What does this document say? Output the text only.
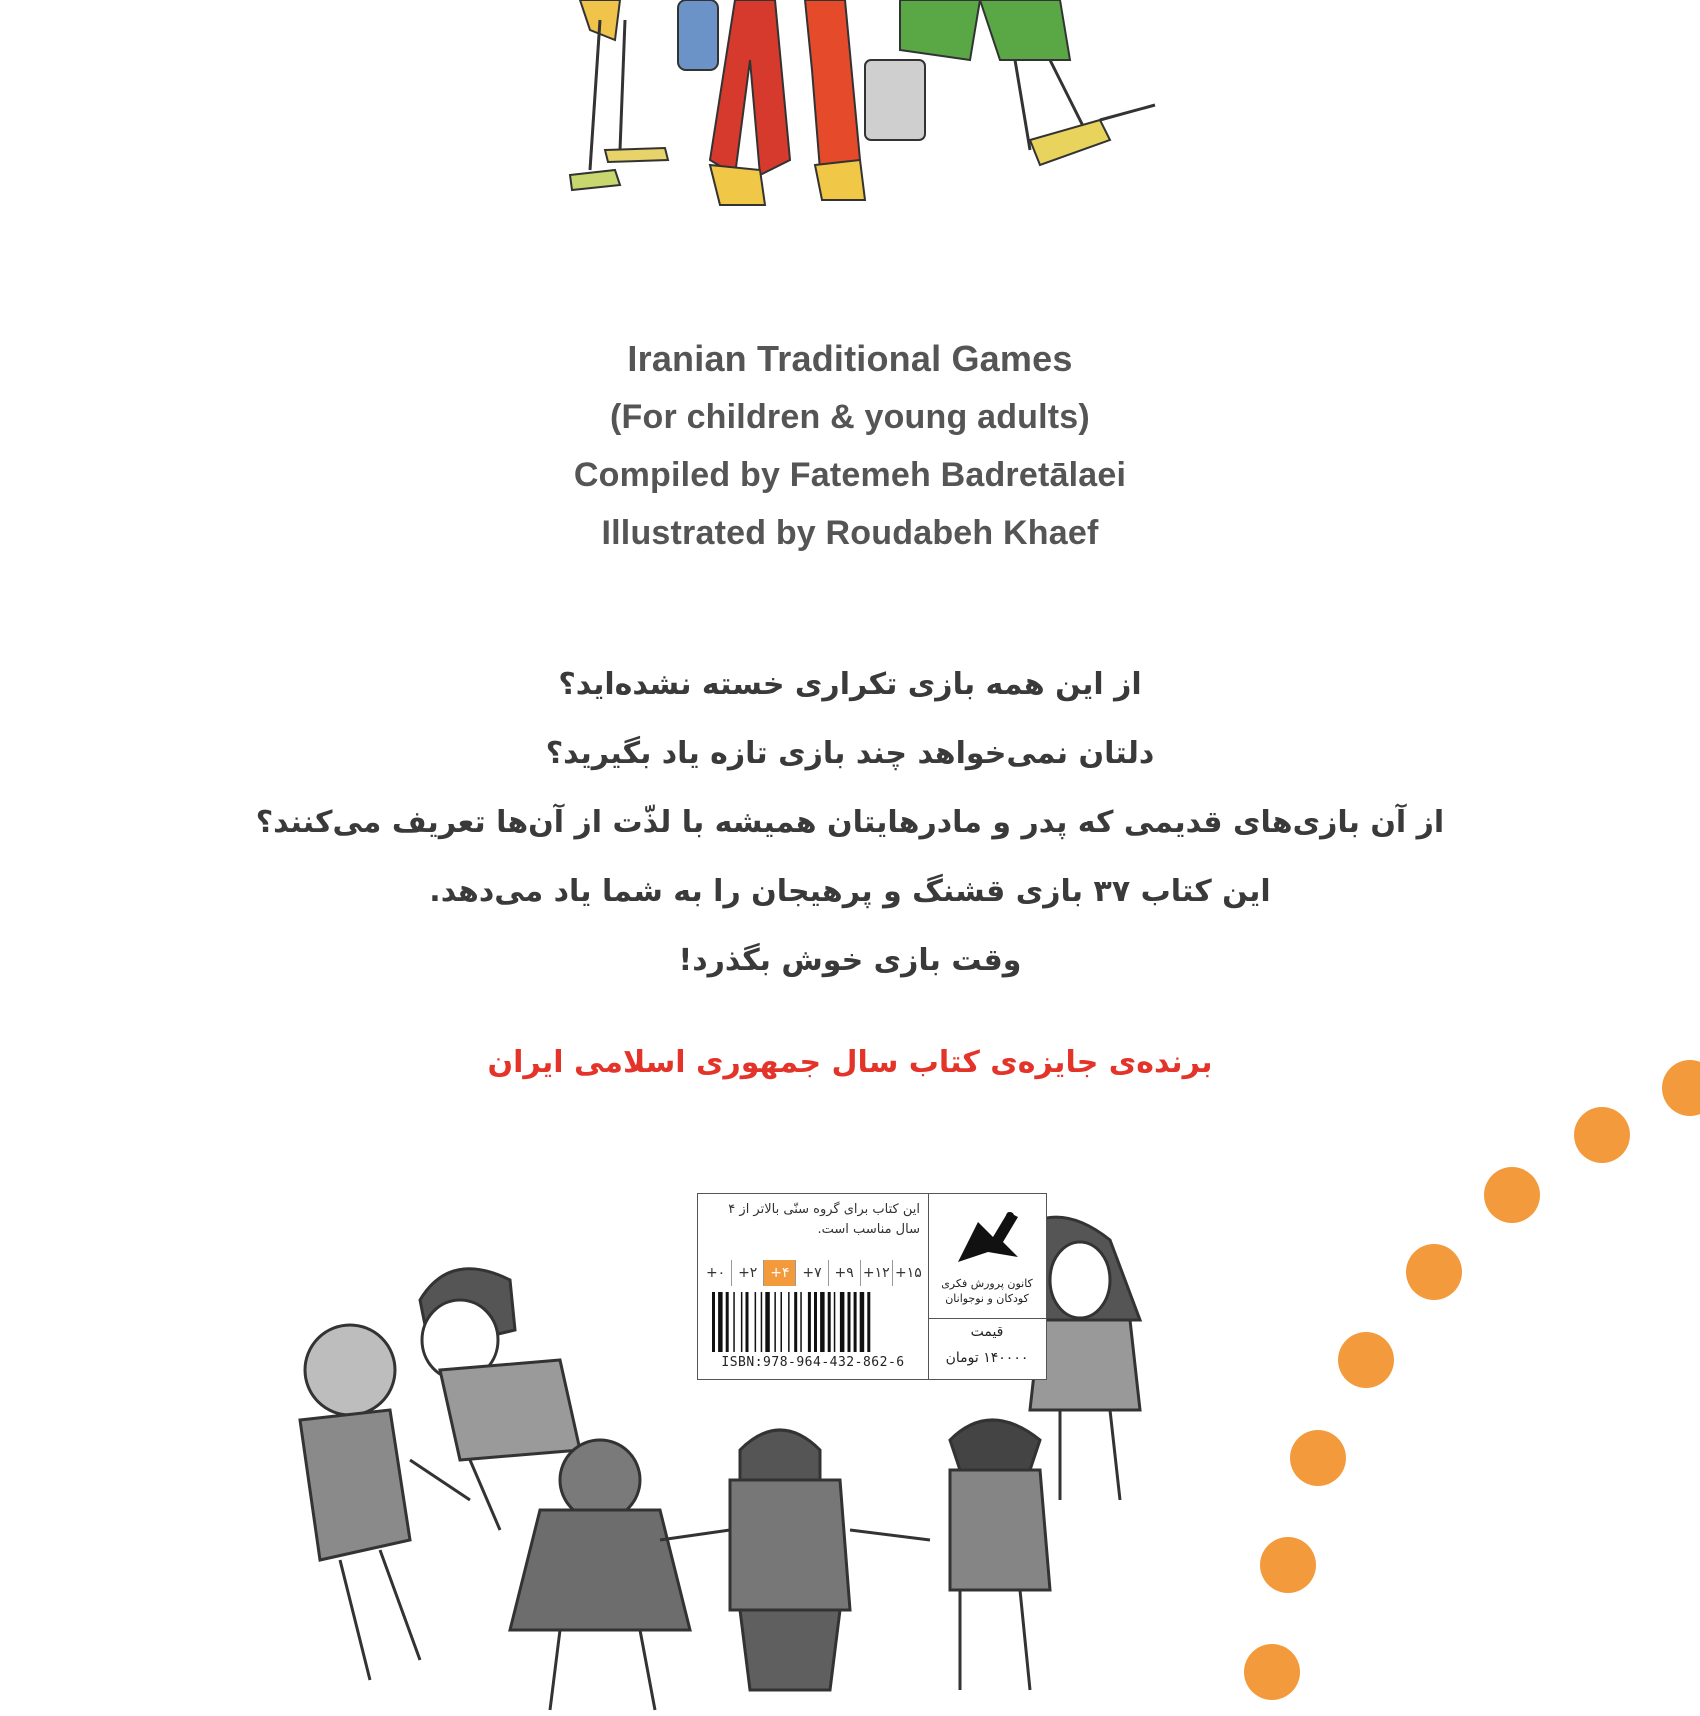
Iranian Traditional Games
(For children & young adults)
Compiled by Fatemeh Badretālaei
Illustrated by Roudabeh Khaef
از این همه بازی تکراری خسته نشده‌اید؟
دلتان نمی‌خواهد چند بازی تازه یاد بگیرید؟
از آن بازی‌های قدیمی که پدر و مادرهایتان همیشه با لذّت از آن‌ها تعریف می‌کنند؟
این کتاب ۳۷ بازی قشنگ و پرهیجان را به شما یاد می‌دهد.
وقت بازی خوش بگذرد!
برنده‌ی جایزه‌ی کتاب سال جمهوری اسلامی ایران
این کتاب برای گروه سنّی بالاتر از ۴ سال مناسب است.
+۰ +۲ +۴ +۷ +۹ +۱۲ +۱۵
ISBN:978-964-432-862-6
کانون پرورش فکری کودکان و نوجوانان
قیمت
۱۴۰۰۰۰ تومان
